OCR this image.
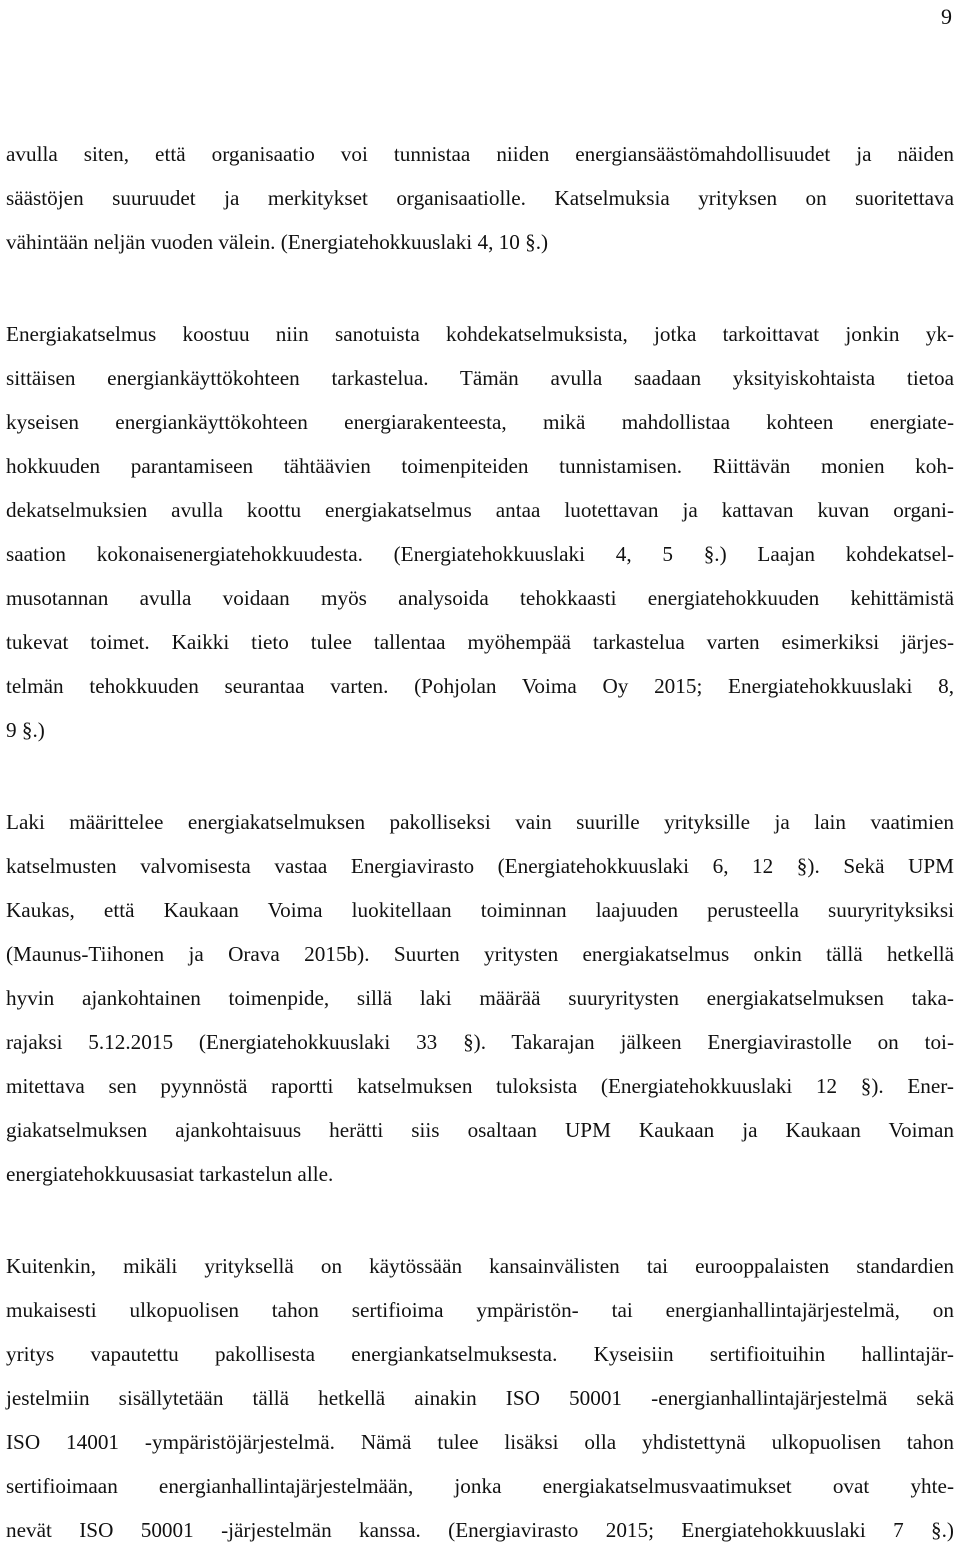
9
avulla siten, että organisaatio voi tunnistaa niiden energiansäästömahdollisuudet ja näiden
säästöjen suuruudet ja merkitykset organisaatiolle. Katselmuksia yrityksen on suoritettava
vähintään neljän vuoden välein. (Energiatehokkuuslaki 4, 10 §.)
Energiakatselmus koostuu niin sanotuista kohdekatselmuksista, jotka tarkoittavat jonkin yk-
sittäisen energiankäyttökohteen tarkastelua. Tämän avulla saadaan yksityiskohtaista tietoa
kyseisen energiankäyttökohteen energiarakenteesta, mikä mahdollistaa kohteen energiate-
hokkuuden parantamiseen tähtäävien toimenpiteiden tunnistamisen. Riittävän monien koh-
dekatselmuksien avulla koottu energiakatselmus antaa luotettavan ja kattavan kuvan organi-
saation kokonaisenergiatehokkuudesta. (Energiatehokkuuslaki 4, 5 §.) Laajan kohdekatsel-
musotannan avulla voidaan myös analysoida tehokkaasti energiatehokkuuden kehittämistä
tukevat toimet. Kaikki tieto tulee tallentaa myöhempää tarkastelua varten esimerkiksi järjes-
telmän tehokkuuden seurantaa varten. (Pohjolan Voima Oy 2015; Energiatehokkuuslaki 8,
9 §.)
Laki määrittelee energiakatselmuksen pakolliseksi vain suurille yrityksille ja lain vaatimien
katselmusten valvomisesta vastaa Energiavirasto (Energiatehokkuuslaki 6, 12 §). Sekä UPM
Kaukas, että Kaukaan Voima luokitellaan toiminnan laajuuden perusteella suuryrityksiksi
(Maunus-Tiihonen ja Orava 2015b). Suurten yritysten energiakatselmus onkin tällä hetkellä
hyvin ajankohtainen toimenpide, sillä laki määrää suuryritysten energiakatselmuksen taka-
rajaksi 5.12.2015 (Energiatehokkuuslaki 33 §). Takarajan jälkeen Energiavirastolle on toi-
mitettava sen pyynnöstä raportti katselmuksen tuloksista (Energiatehokkuuslaki 12 §). Ener-
giakatselmuksen ajankohtaisuus herätti siis osaltaan UPM Kaukaan ja Kaukaan Voiman
energiatehokkuusasiat tarkastelun alle.
Kuitenkin, mikäli yrityksellä on käytössään kansainvälisten tai eurooppalaisten standardien
mukaisesti ulkopuolisen tahon sertifioima ympäristön- tai energianhallintajärjestelmä, on
yritys vapautettu pakollisesta energiankatselmuksesta. Kyseisiin sertifioituihin hallintajär-
jestelmiin sisällytetään tällä hetkellä ainakin ISO 50001 -energianhallintajärjestelmä sekä
ISO 14001 -ympäristöjärjestelmä. Nämä tulee lisäksi olla yhdistettynä ulkopuolisen tahon
sertifioimaan energianhallintajärjestelmään, jonka energiakatselmusvaatimukset ovat yhte-
nevät ISO 50001 -järjestelmän kanssa. (Energiavirasto 2015; Energiatehokkuuslaki 7 §.)
